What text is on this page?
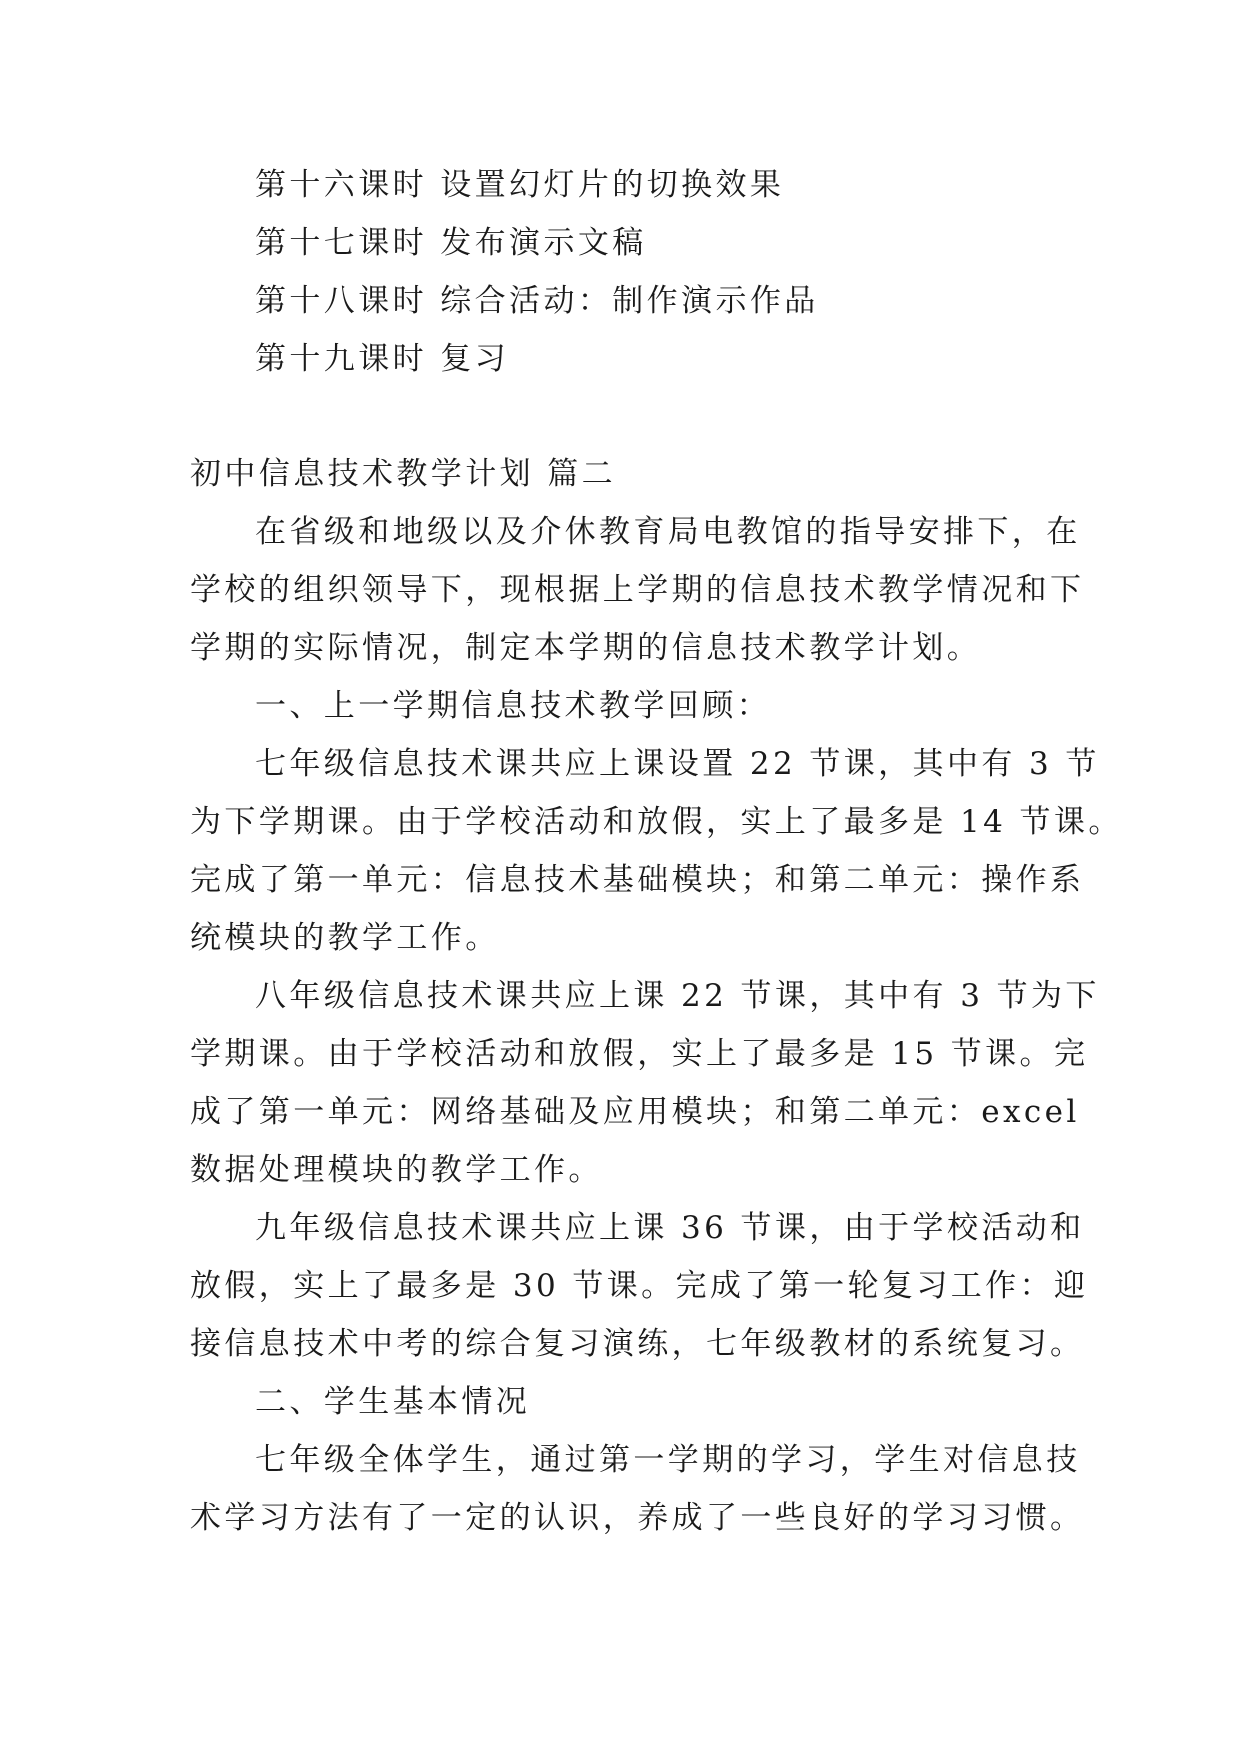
第十六课时 设置幻灯片的切换效果
第十七课时 发布演示文稿
第十八课时 综合活动：制作演示作品
第十九课时 复习
初中信息技术教学计划 篇二
在省级和地级以及介休教育局电教馆的指导安排下，在
学校的组织领导下，现根据上学期的信息技术教学情况和下
学期的实际情况，制定本学期的信息技术教学计划。
一、上一学期信息技术教学回顾：
七年级信息技术课共应上课设置 22 节课，其中有 3 节
为下学期课。由于学校活动和放假，实上了最多是 14 节课。
完成了第一单元：信息技术基础模块；和第二单元：操作系
统模块的教学工作。
八年级信息技术课共应上课 22 节课，其中有 3 节为下
学期课。由于学校活动和放假，实上了最多是 15 节课。完
成了第一单元：网络基础及应用模块；和第二单元：excel
数据处理模块的教学工作。
九年级信息技术课共应上课 36 节课，由于学校活动和
放假，实上了最多是 30 节课。完成了第一轮复习工作：迎
接信息技术中考的综合复习演练，七年级教材的系统复习。
二、学生基本情况
七年级全体学生，通过第一学期的学习，学生对信息技
术学习方法有了一定的认识，养成了一些良好的学习习惯。
